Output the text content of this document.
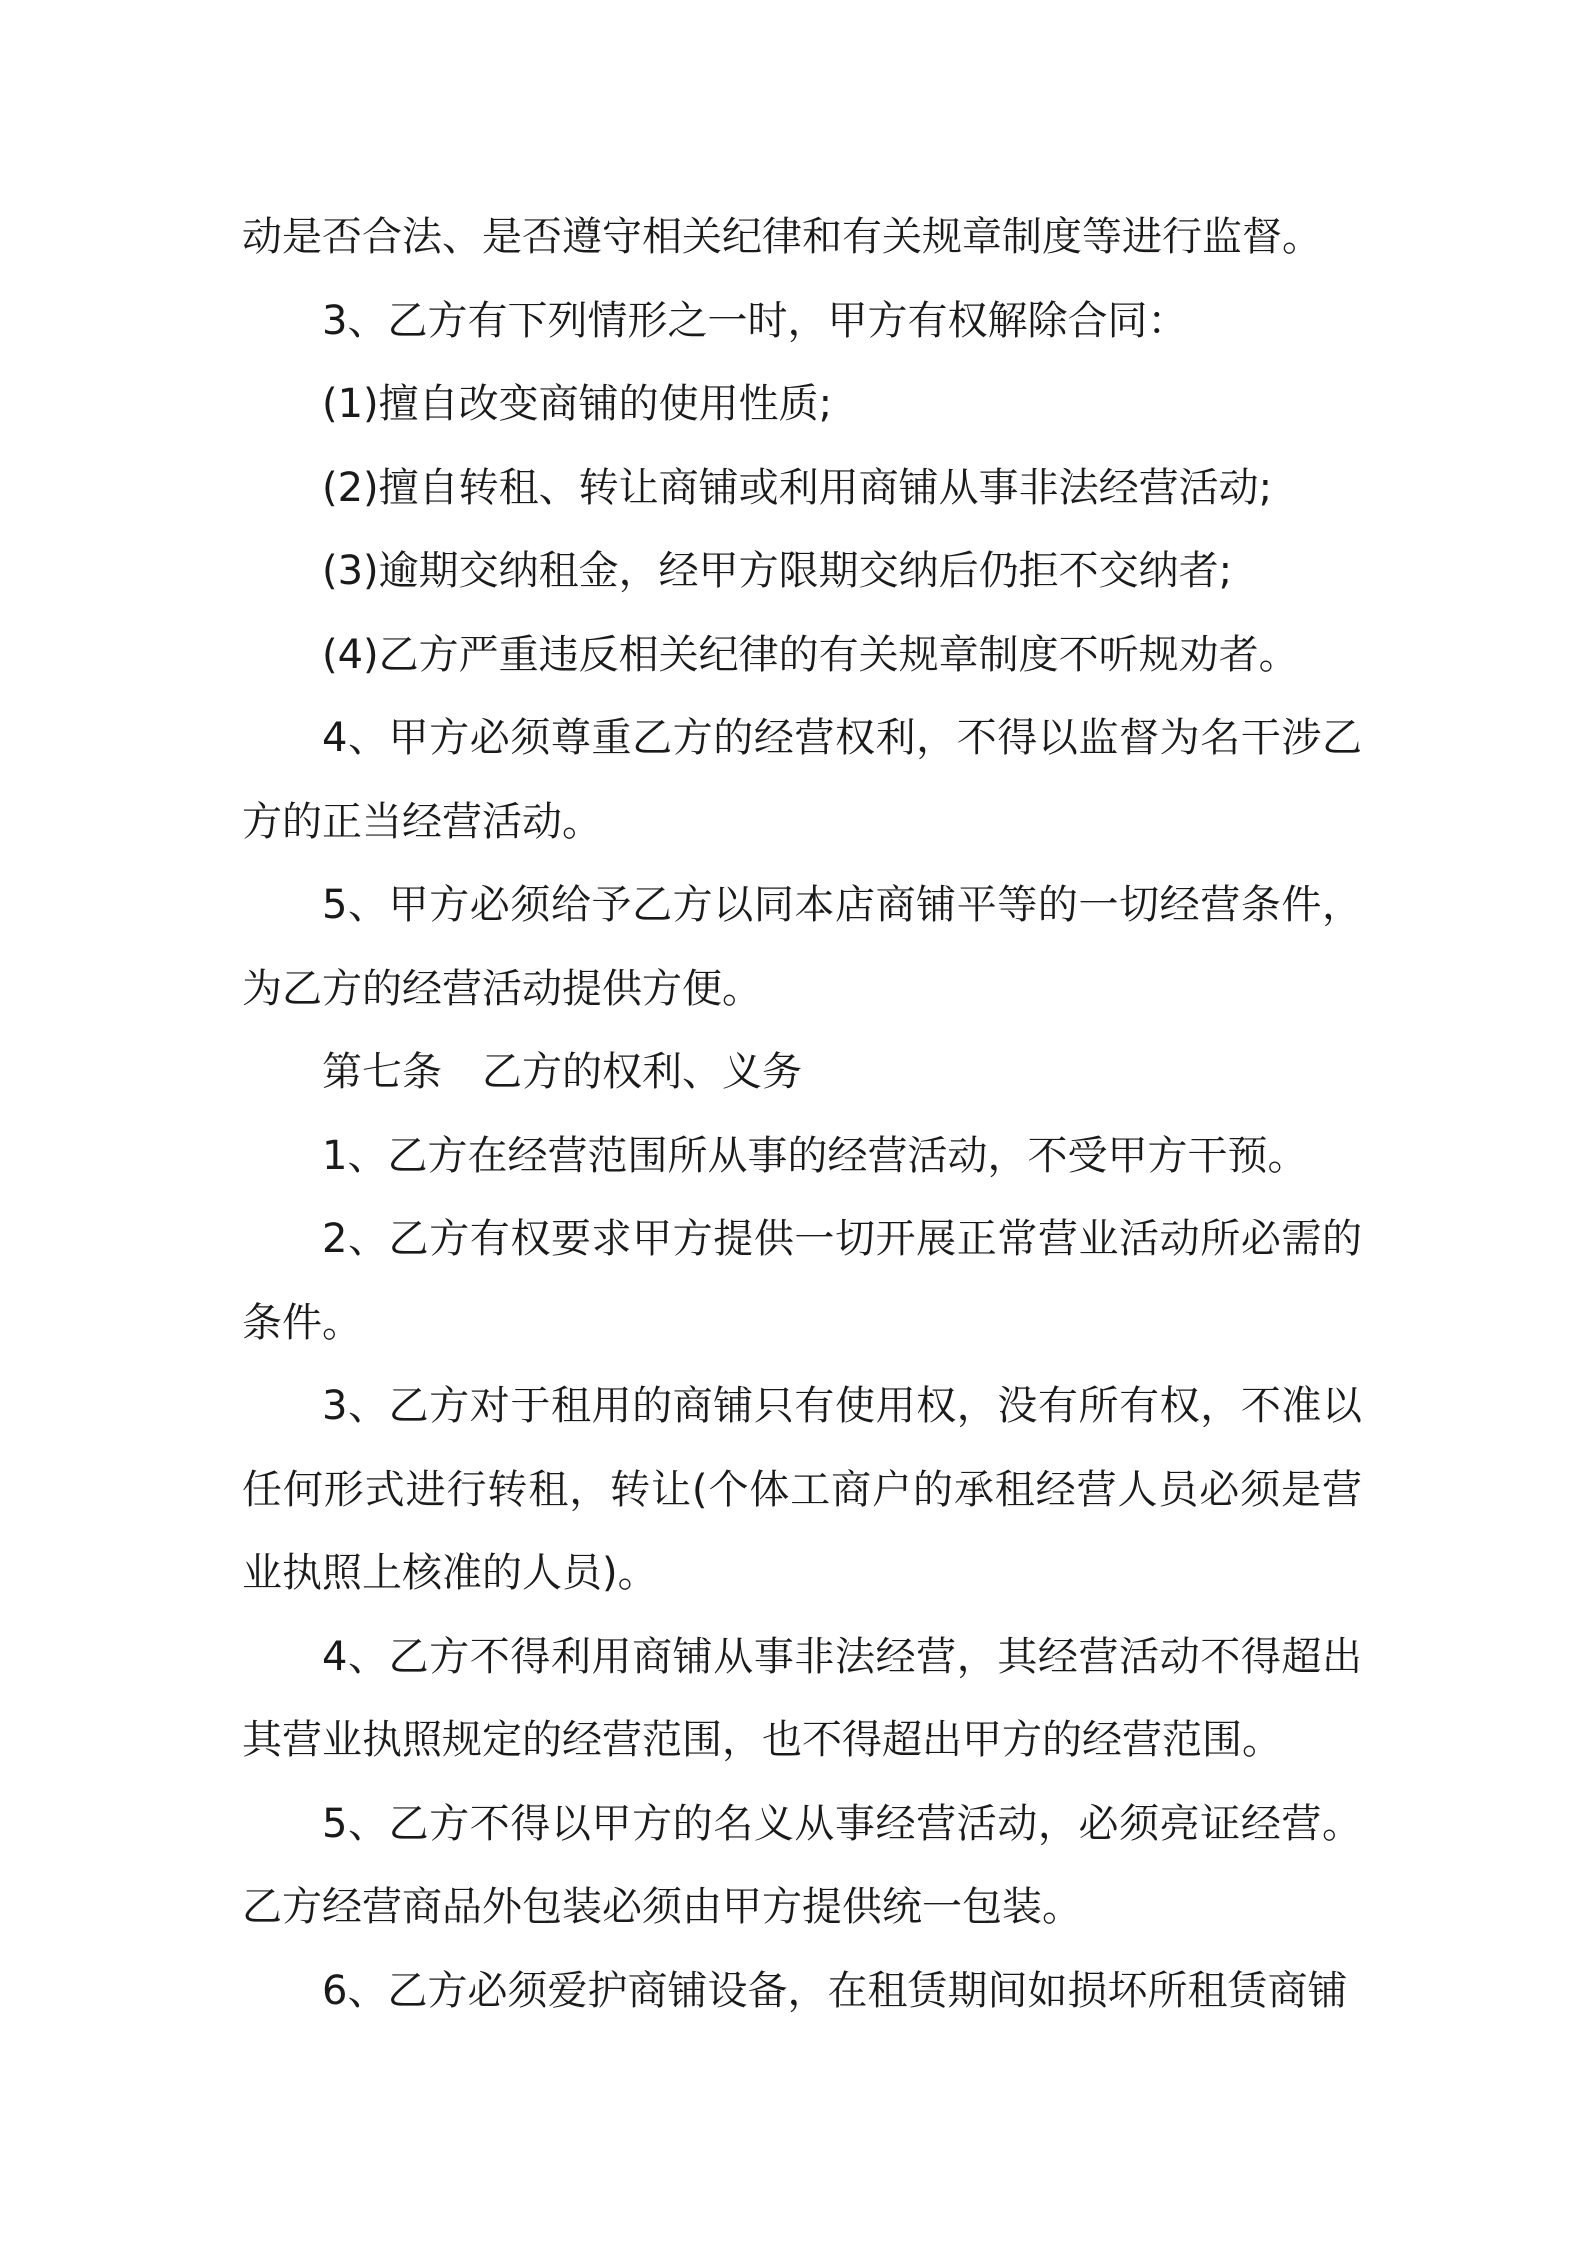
动是否合法、是否遵守相关纪律和有关规章制度等进行监督。

3、乙方有下列情形之一时，甲方有权解除合同：

(1)擅自改变商铺的使用性质;

(2)擅自转租、转让商铺或利用商铺从事非法经营活动;

(3)逾期交纳租金，经甲方限期交纳后仍拒不交纳者;

(4)乙方严重违反相关纪律的有关规章制度不听规劝者。

4、甲方必须尊重乙方的经营权利，不得以监督为名干涉乙方的正当经营活动。

5、甲方必须给予乙方以同本店商铺平等的一切经营条件，为乙方的经营活动提供方便。

第七条　乙方的权利、义务

1、乙方在经营范围所从事的经营活动，不受甲方干预。

2、乙方有权要求甲方提供一切开展正常营业活动所必需的条件。

3、乙方对于租用的商铺只有使用权，没有所有权，不准以任何形式进行转租，转让(个体工商户的承租经营人员必须是营业执照上核准的人员)。

4、乙方不得利用商铺从事非法经营，其经营活动不得超出其营业执照规定的经营范围，也不得超出甲方的经营范围。

5、乙方不得以甲方的名义从事经营活动，必须亮证经营。乙方经营商品外包装必须由甲方提供统一包装。

6、乙方必须爱护商铺设备，在租赁期间如损坏所租赁商铺
